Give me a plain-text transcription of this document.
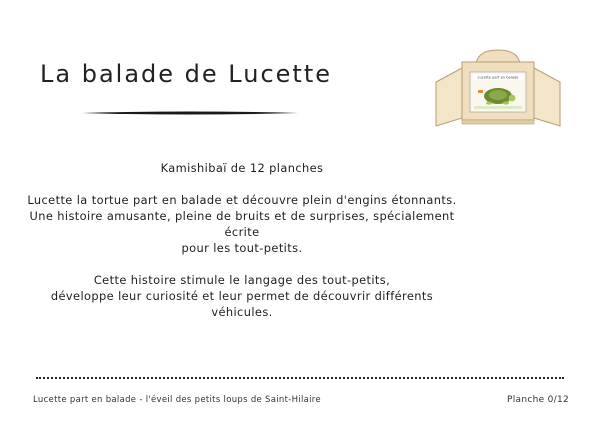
La balade de Lucette	Lucette part en balade

Kamishibaï de 12 planches

Lucette la tortue part en balade et découvre plein d'engins étonnants.

Une histoire amusante, pleine de bruits et de surprises, spécialement

écrite

pour les tout-petits.

Cette histoire stimule le langage des tout-petits,

développe leur curiosité et leur permet de découvrir différents

véhicules.

Lucette part en balade - l'éveil des petits loups de Saint-Hilaire	Planche 0/12
